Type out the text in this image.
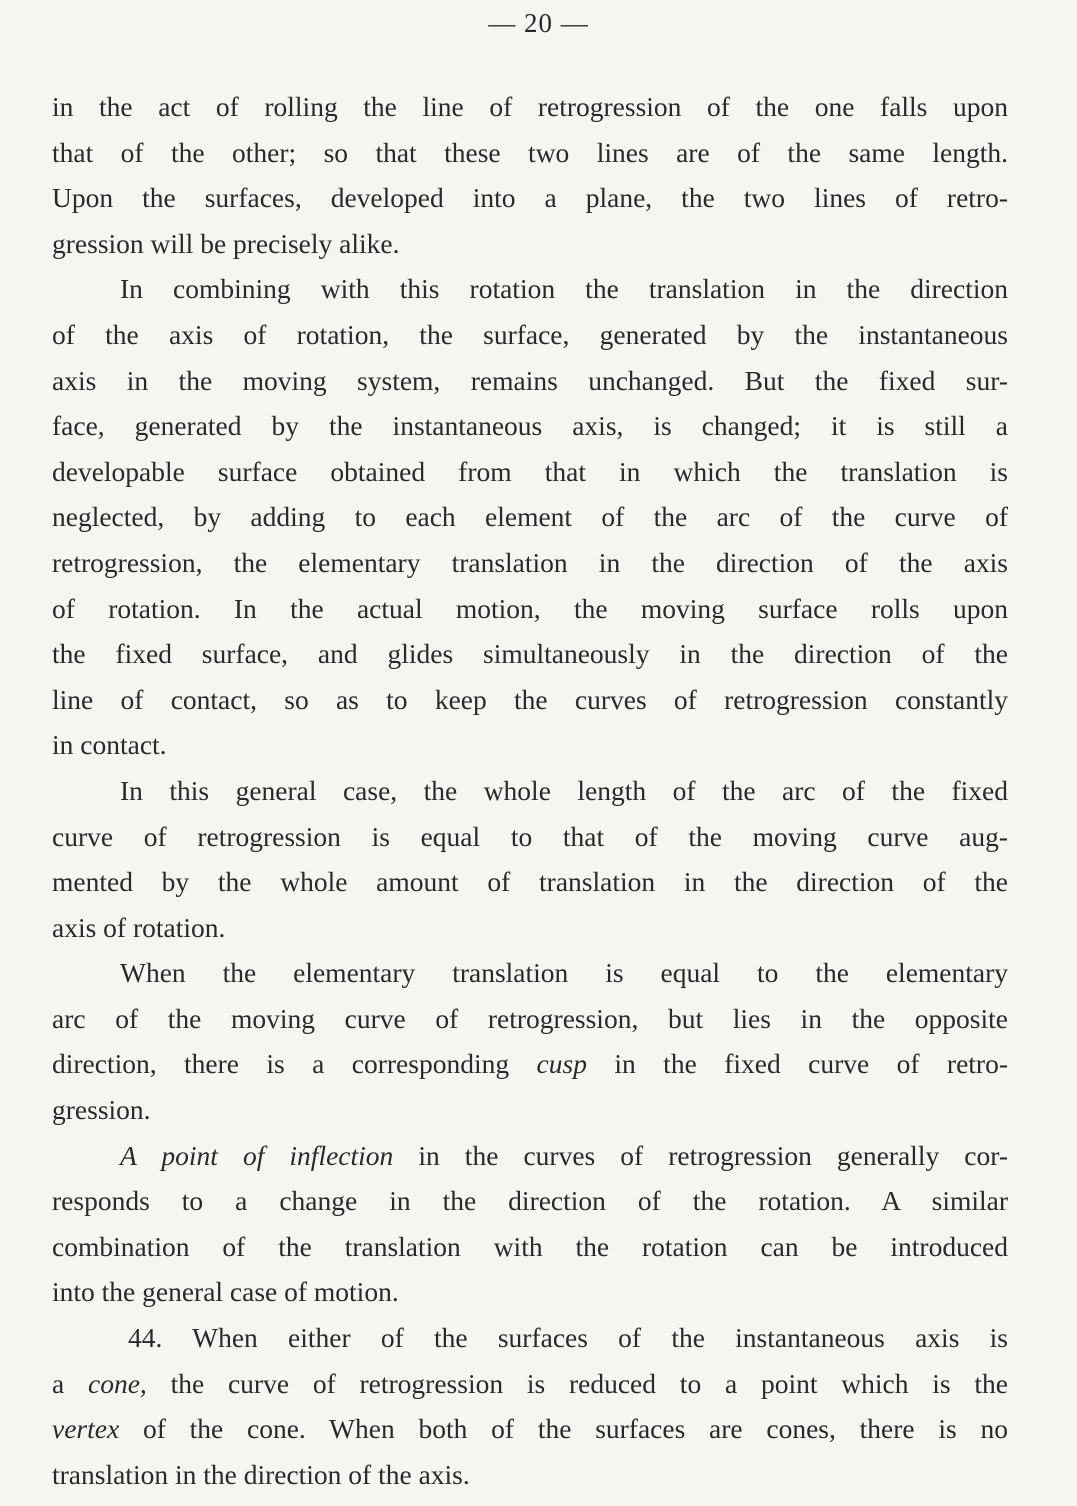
— 20 —
in the act of rolling the line of retrogression of the one falls upon
that of the other; so that these two lines are of the same length.
Upon the surfaces, developed into a plane, the two lines of retro-
gression will be precisely alike.
In combining with this rotation the translation in the direction
of the axis of rotation, the surface, generated by the instantaneous
axis in the moving system, remains unchanged. But the fixed sur-
face, generated by the instantaneous axis, is changed; it is still a
developable surface obtained from that in which the translation is
neglected, by adding to each element of the arc of the curve of
retrogression, the elementary translation in the direction of the axis
of rotation. In the actual motion, the moving surface rolls upon
the fixed surface, and glides simultaneously in the direction of the
line of contact, so as to keep the curves of retrogression constantly
in contact.
In this general case, the whole length of the arc of the fixed
curve of retrogression is equal to that of the moving curve aug-
mented by the whole amount of translation in the direction of the
axis of rotation.
When the elementary translation is equal to the elementary
arc of the moving curve of retrogression, but lies in the opposite
direction, there is a corresponding cusp in the fixed curve of retro-
gression.
A point of inflection in the curves of retrogression generally cor-
responds to a change in the direction of the rotation. A similar
combination of the translation with the rotation can be introduced
into the general case of motion.
44. When either of the surfaces of the instantaneous axis is
a cone, the curve of retrogression is reduced to a point which is the
vertex of the cone. When both of the surfaces are cones, there is no
translation in the direction of the axis.
